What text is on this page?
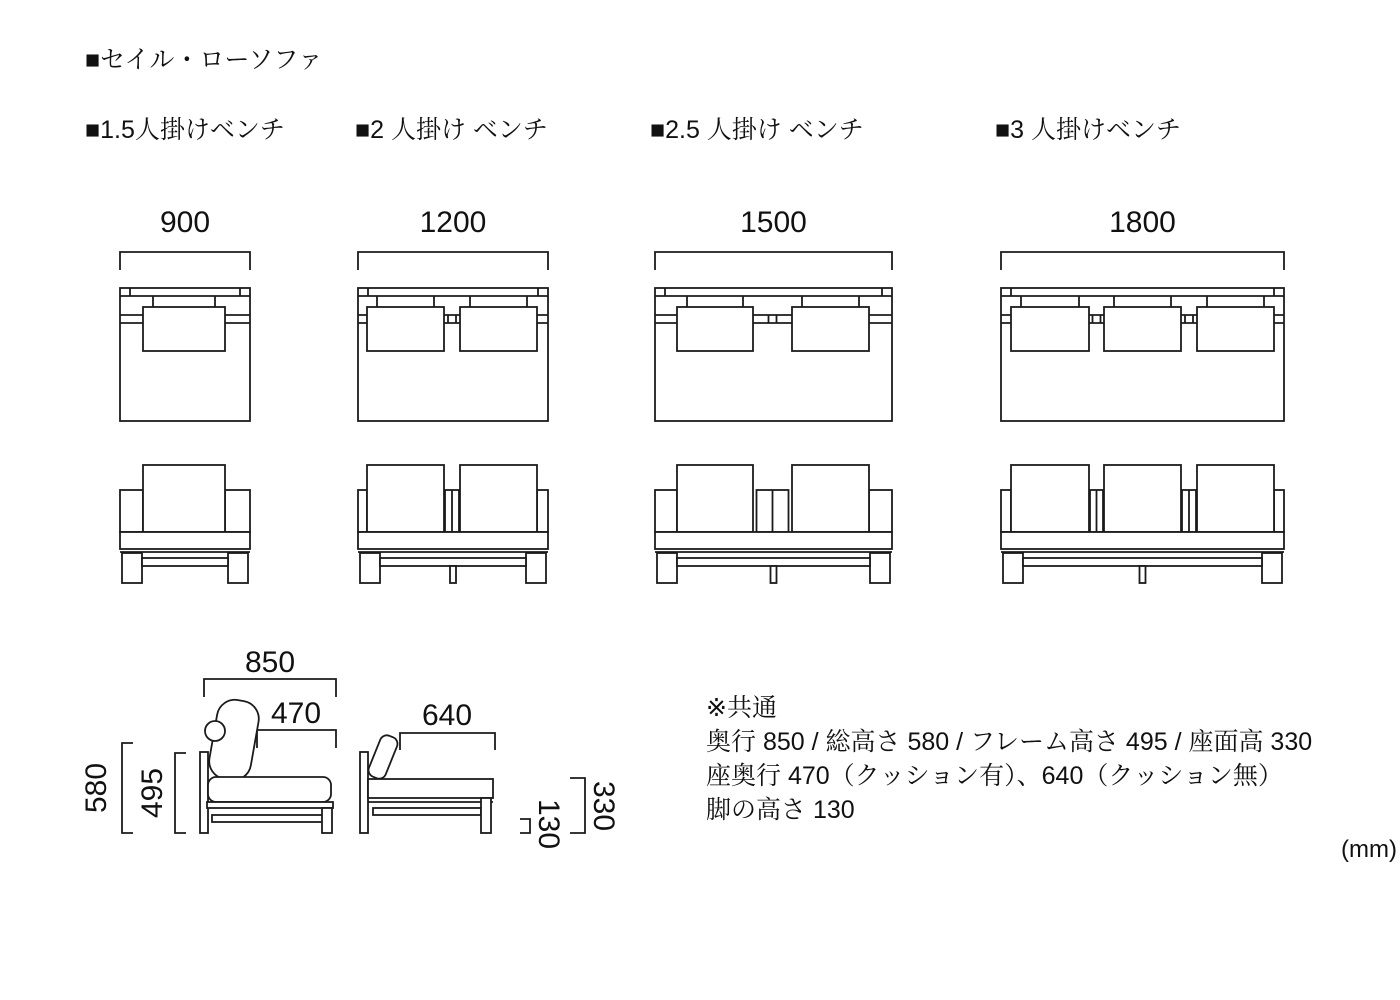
■セイル・ローソファ
■1.5人掛けベンチ
900
■2 人掛け ベンチ
1200
■2.5 人掛け ベンチ
1500
■3 人掛けベンチ
1800
850
470
580 495
640
330
130
※共通
奥行 850 / 総高さ 580 / フレーム高さ 495 / 座面高 330
座奥行 470（クッション有）、640（クッション無）
脚の高さ 130
(mm)
